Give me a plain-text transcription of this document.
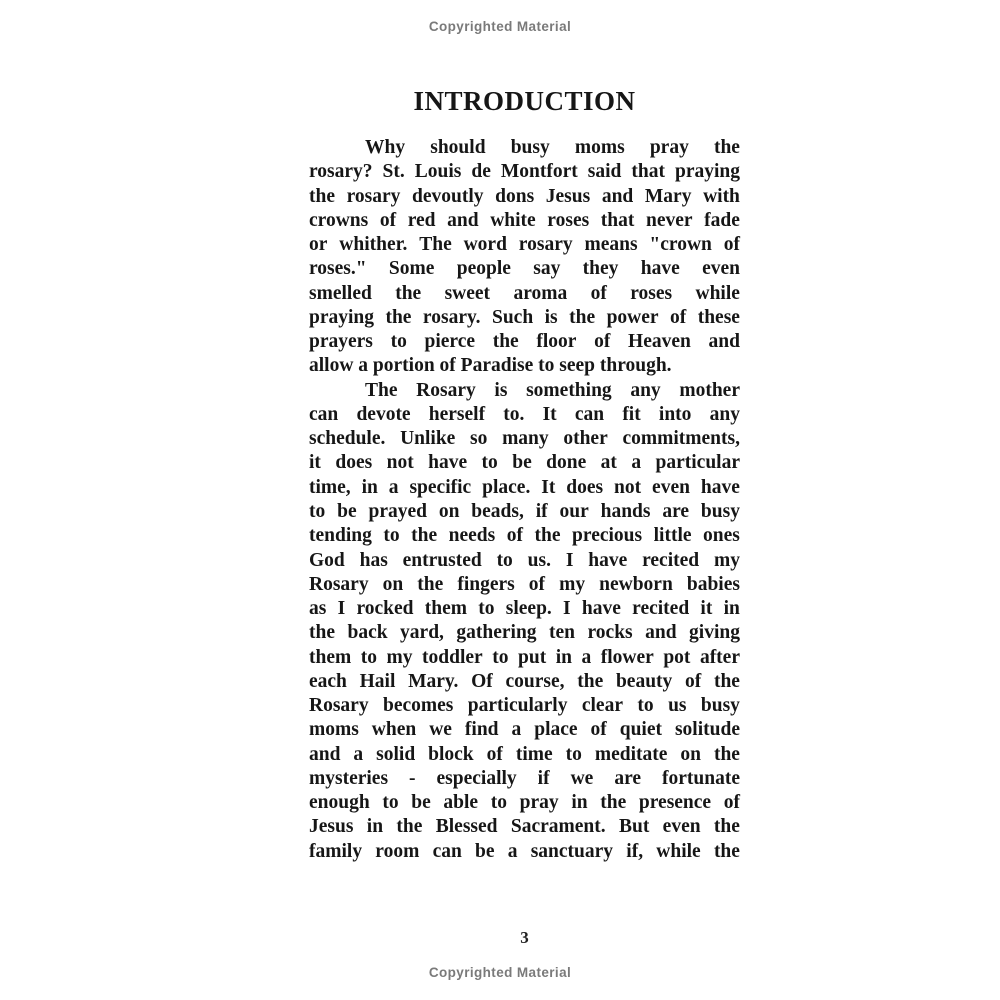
Copyrighted Material
INTRODUCTION
Why should busy moms pray the
rosary? St. Louis de Montfort said that praying
the rosary devoutly dons Jesus and Mary with
crowns of red and white roses that never fade
or whither. The word rosary means "crown of
roses." Some people say they have even
smelled the sweet aroma of roses while
praying the rosary. Such is the power of these
prayers to pierce the floor of Heaven and
allow a portion of Paradise to seep through.
The Rosary is something any mother
can devote herself to. It can fit into any
schedule. Unlike so many other commitments,
it does not have to be done at a particular
time, in a specific place. It does not even have
to be prayed on beads, if our hands are busy
tending to the needs of the precious little ones
God has entrusted to us. I have recited my
Rosary on the fingers of my newborn babies
as I rocked them to sleep. I have recited it in
the back yard, gathering ten rocks and giving
them to my toddler to put in a flower pot after
each Hail Mary. Of course, the beauty of the
Rosary becomes particularly clear to us busy
moms when we find a place of quiet solitude
and a solid block of time to meditate on the
mysteries - especially if we are fortunate
enough to be able to pray in the presence of
Jesus in the Blessed Sacrament. But even the
family room can be a sanctuary if, while the
3
Copyrighted Material
